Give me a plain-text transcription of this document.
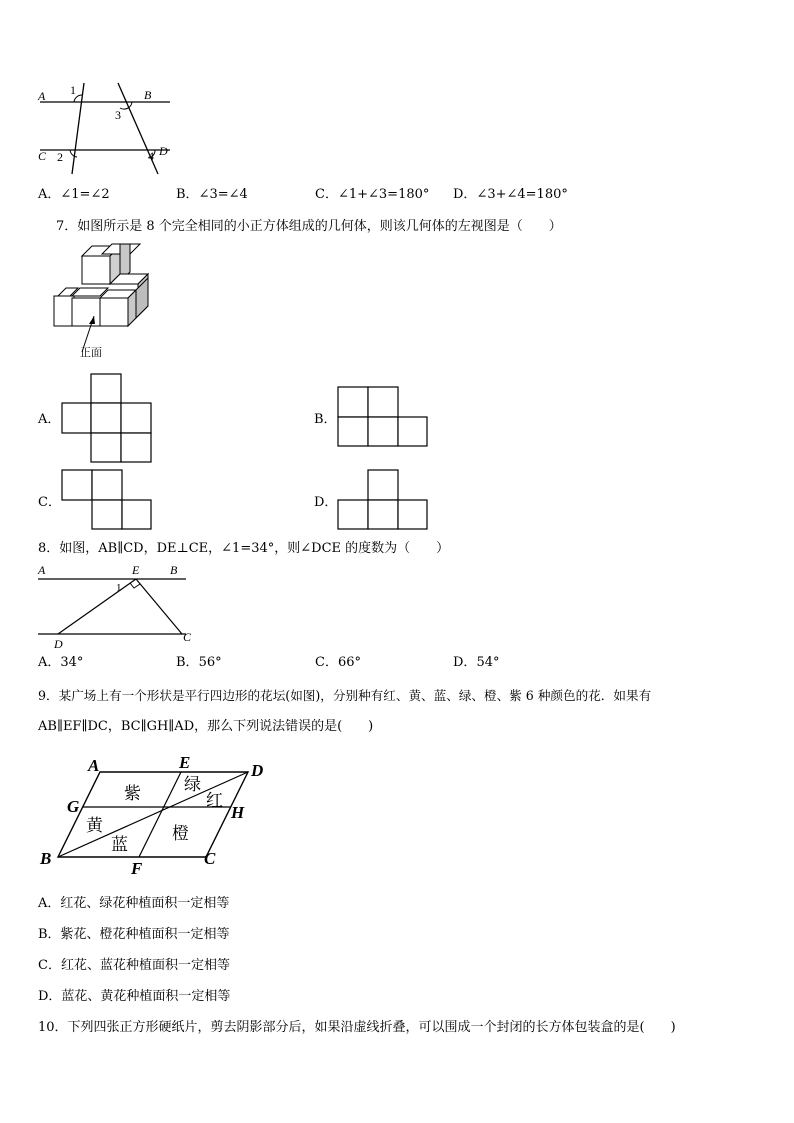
A	B
C	D
1
3
2	4
A．∠1=∠2	B．∠3=∠4	C．∠1+∠3=180° D．∠3+∠4=180°
7．如图所示是 8 个完全相同的小正方体组成的几何体，则该几何体的左视图是（　　）
正面
A．	B．
C．	D．
8．如图，AB∥CD，DE⊥CE，∠1=34°，则∠DCE 的度数为（　　）
A	E	B
D	C
1
A．34°	B．56°	C．66°	D．54°
9．某广场上有一个形状是平行四边形的花坛(如图)，分别种有红、黄、蓝、绿、橙、紫 6 种颜色的花．如果有
AB∥EF∥DC，BC∥GH∥AD，那么下列说法错误的是(　　)
A	E	D
G	H
B
F
C
紫	绿
红
黄
蓝
橙
A．红花、绿花种植面积一定相等
B．紫花、橙花种植面积一定相等
C．红花、蓝花种植面积一定相等
D．蓝花、黄花种植面积一定相等
10．下列四张正方形硬纸片，剪去阴影部分后，如果沿虚线折叠，可以围成一个封闭的长方体包装盒的是(　　)
